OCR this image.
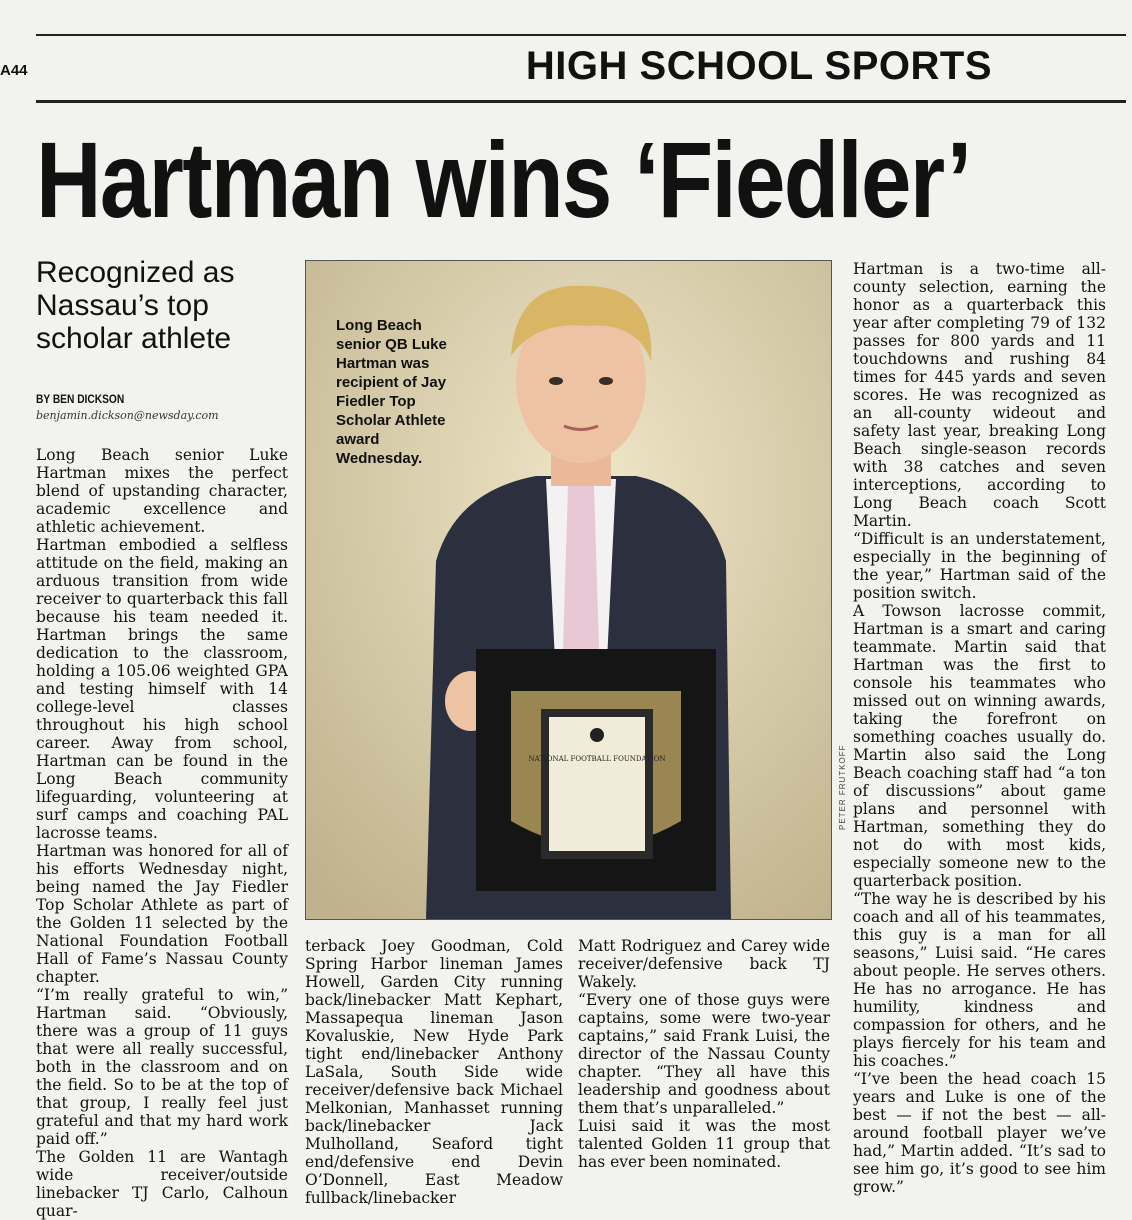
A44	HIGH SCHOOL SPORTS
Hartman wins ‘Fiedler’
Recognized as Nassau’s top scholar athlete
BY BEN DICKSON
benjamin.dickson@newsday.com
Long Beach senior Luke Hartman mixes the perfect blend of upstanding character, academic excellence and athletic achievement.
Hartman embodied a selfless attitude on the field, making an arduous transition from wide receiver to quarterback this fall because his team needed it. Hartman brings the same dedication to the classroom, holding a 105.06 weighted GPA and testing himself with 14 college-level classes throughout his high school career. Away from school, Hartman can be found in the Long Beach community lifeguarding, volunteering at surf camps and coaching PAL lacrosse teams.
Hartman was honored for all of his efforts Wednesday night, being named the Jay Fiedler Top Scholar Athlete as part of the Golden 11 selected by the National Foundation Football Hall of Fame’s Nassau County chapter.
“I’m really grateful to win,” Hartman said. “Obviously, there was a group of 11 guys that were all really successful, both in the classroom and on the field. So to be at the top of that group, I really feel just grateful and that my hard work paid off.”
The Golden 11 are Wantagh wide receiver/outside linebacker TJ Carlo, Calhoun quar-
NATIONAL FOOTBALL FOUNDATION
Long Beach senior QB Luke Hartman was recipient of Jay Fiedler Top Scholar Athlete award Wednesday.
PETER FRUTKOFF
terback Joey Goodman, Cold Spring Harbor lineman James Howell, Garden City running back/linebacker Matt Kephart, Massapequa lineman Jason Kovaluskie, New Hyde Park tight end/linebacker Anthony LaSala, South Side wide receiver/defensive back Michael Melkonian, Manhasset running back/linebacker Jack Mulholland, Seaford tight end/defensive end Devin O’Donnell, East Meadow fullback/linebacker
Matt Rodriguez and Carey wide receiver/defensive back TJ Wakely.
“Every one of those guys were captains, some were two-year captains,” said Frank Luisi, the director of the Nassau County chapter. “They all have this leadership and goodness about them that’s unparalleled.”
Luisi said it was the most talented Golden 11 group that has ever been nominated.
Hartman is a two-time all-county selection, earning the honor as a quarterback this year after completing 79 of 132 passes for 800 yards and 11 touchdowns and rushing 84 times for 445 yards and seven scores. He was recognized as an all-county wideout and safety last year, breaking Long Beach single-season records with 38 catches and seven interceptions, according to Long Beach coach Scott Martin.
“Difficult is an understatement, especially in the beginning of the year,” Hartman said of the position switch.
A Towson lacrosse commit, Hartman is a smart and caring teammate. Martin said that Hartman was the first to console his teammates who missed out on winning awards, taking the forefront on something coaches usually do. Martin also said the Long Beach coaching staff had “a ton of discussions” about game plans and personnel with Hartman, something they do not do with most kids, especially someone new to the quarterback position.
“The way he is described by his coach and all of his teammates, this guy is a man for all seasons,” Luisi said. “He cares about people. He serves others. He has no arrogance. He has humility, kindness and compassion for others, and he plays fiercely for his team and his coaches.”
“I’ve been the head coach 15 years and Luke is one of the best — if not the best — all-around football player we’ve had,” Martin added. “It’s sad to see him go, it’s good to see him grow.”
